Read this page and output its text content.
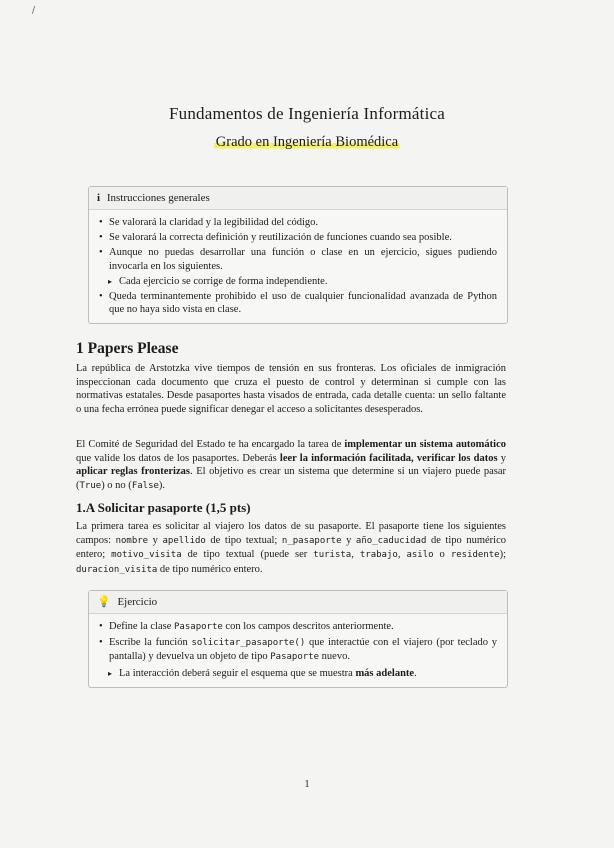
/
Fundamentos de Ingeniería Informática
Grado en Ingeniería Biomédica
i Instrucciones generales
• Se valorará la claridad y la legibilidad del código.
• Se valorará la correcta definición y reutilización de funciones cuando sea posible.
• Aunque no puedas desarrollar una función o clase en un ejercicio, sigues pudiendo invocarla en los siguientes.
▸ Cada ejercicio se corrige de forma independiente.
• Queda terminantemente prohibido el uso de cualquier funcionalidad avanzada de Python que no haya sido vista en clase.
1 Papers Please
La república de Arstotzka vive tiempos de tensión en sus fronteras. Los oficiales de inmigración inspeccionan cada documento que cruza el puesto de control y determinan si cumple con las normativas estatales. Desde pasaportes hasta visados de entrada, cada detalle cuenta: un sello faltante o una fecha errónea puede significar denegar el acceso a solicitantes desesperados.
El Comité de Seguridad del Estado te ha encargado la tarea de implementar un sistema automático que valide los datos de los pasaportes. Deberás leer la información facilitada, verificar los datos y aplicar reglas fronterizas. El objetivo es crear un sistema que determine si un viajero puede pasar (True) o no (False).
1.A Solicitar pasaporte (1,5 pts)
La primera tarea es solicitar al viajero los datos de su pasaporte. El pasaporte tiene los siguientes campos: nombre y apellido de tipo textual; n_pasaporte y año_caducidad de tipo numérico entero; motivo_visita de tipo textual (puede ser turista, trabajo, asilo o residente); duracion_visita de tipo numérico entero.
💡 Ejercicio
• Define la clase Pasaporte con los campos descritos anteriormente.
• Escribe la función solicitar_pasaporte() que interactúe con el viajero (por teclado y pantalla) y devuelva un objeto de tipo Pasaporte nuevo.
▸ La interacción deberá seguir el esquema que se muestra más adelante.
1
